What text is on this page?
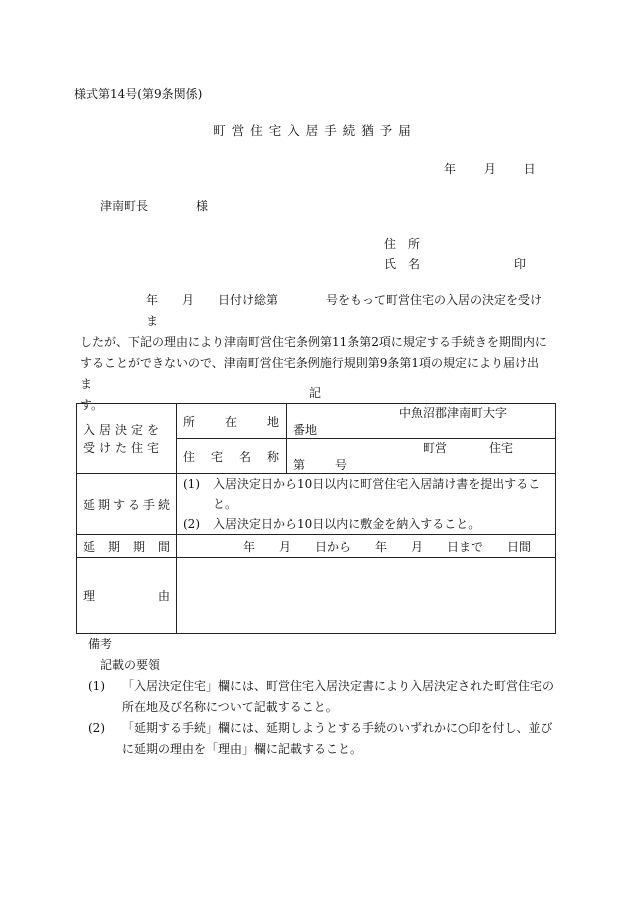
様式第14号(第9条関係)
町営住宅入居手続猶予届
年 月 日
津南町長	様
住　所
氏　名	印
年　　月　　日付け総第　　　　号をもって町営住宅の入居の決定を受けま
したが、下記の理由により津南町営住宅条例第11条第2項に規定する手続きを期間内に
することができないので、津南町営住宅条例施行規則第9条第1項の規定により届け出ま
す。
記
入居決定を受けた住宅	所在地	中魚沼郡津南町大字番地

	住宅名称	町営 住宅第 号

延期する手続	(1) 入居決定日から10日以内に町営住宅入居請け書を提出すること。
(2) 入居決定日から10日以内に敷金を納入すること。	

延期期間	年　　月　　日から　　年　　月　　日まで　　日間	

理由		

備考
記載の要領
(1)	「入居決定住宅」欄には、町営住宅入居決定書により入居決定された町営住宅の所在地及び名称について記載すること。
(2)	「延期する手続」欄には、延期しようとする手続のいずれかに○印を付し、並びに延期の理由を「理由」欄に記載すること。
